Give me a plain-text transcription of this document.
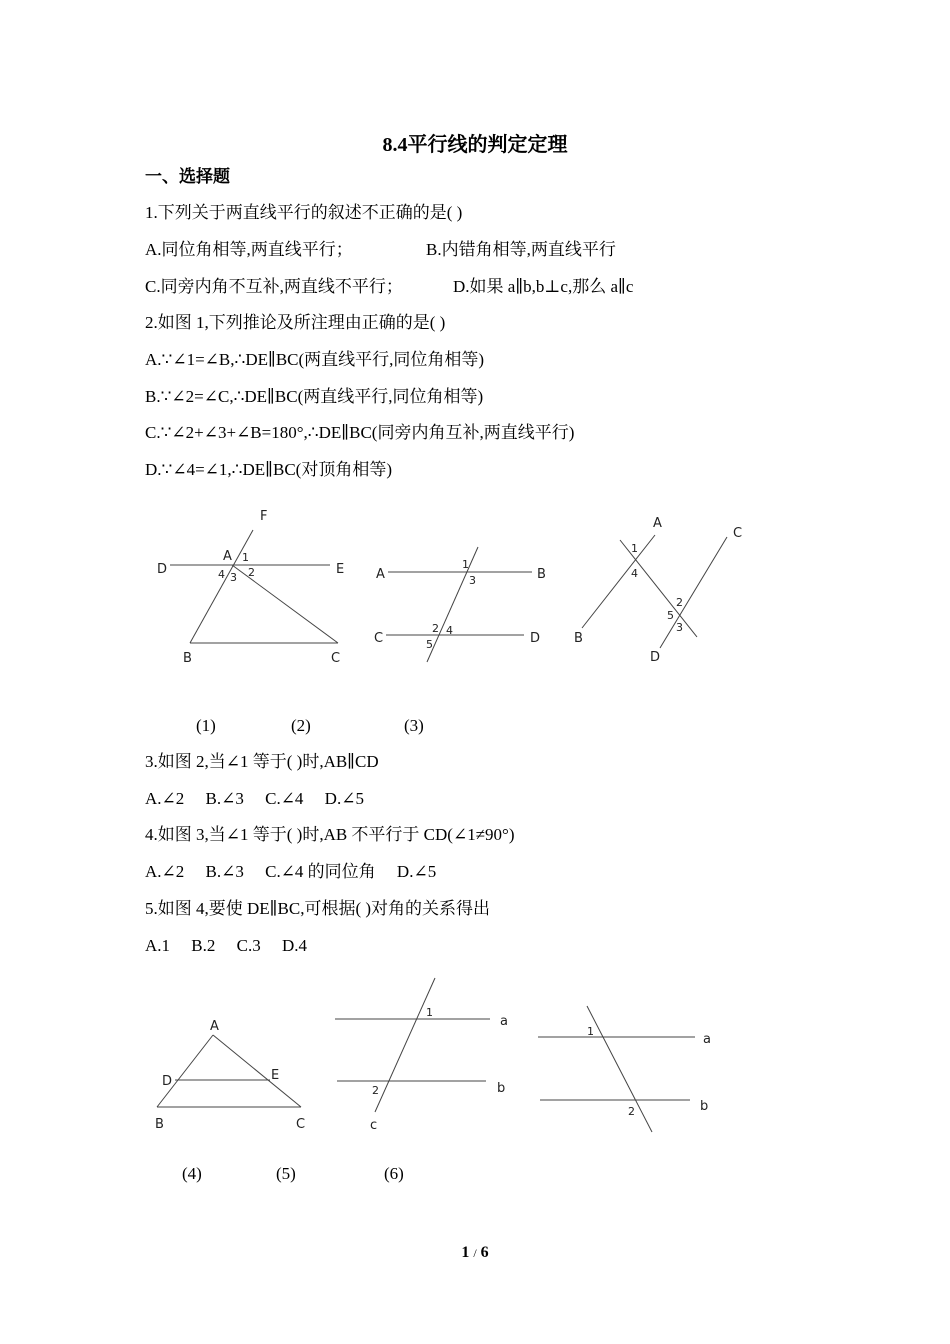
8.4平行线的判定定理
一、选择题
1.下列关于两直线平行的叙述不正确的是( )
A.同位角相等,两直线平行；	B.内错角相等,两直线平行
C.同旁内角不互补,两直线不平行；	D.如果 a∥b,b⊥c,那么 a∥c
2.如图 1,下列推论及所注理由正确的是( )
A.∵∠1=∠B,∴DE∥BC(两直线平行,同位角相等)
B.∵∠2=∠C,∴DE∥BC(两直线平行,同位角相等)
C.∵∠2+∠3+∠B=180°,∴DE∥BC(同旁内角互补,两直线平行)
D.∵∠4=∠1,∴DE∥BC(对顶角相等)
F
D
A
E
B	C
1
2
3
4	A	B
C	D
1
3
2 4
5
A
C
B
D
1
4
2
5
3
(1)	(2)	(3)
3.如图 2,当∠1 等于( )时,AB∥CD
A.∠2     B.∠3     C.∠4     D.∠5
4.如图 3,当∠1 等于( )时,AB 不平行于 CD(∠1≠90°)
A.∠2     B.∠3     C.∠4 的同位角     D.∠5
5.如图 4,要使 DE∥BC,可根据( )对角的关系得出
A.1     B.2     C.3     D.4
A
D	E
B	C
a
b
c
1
2
a
b
1
2
(4)	(5)	(6)
1 / 6
